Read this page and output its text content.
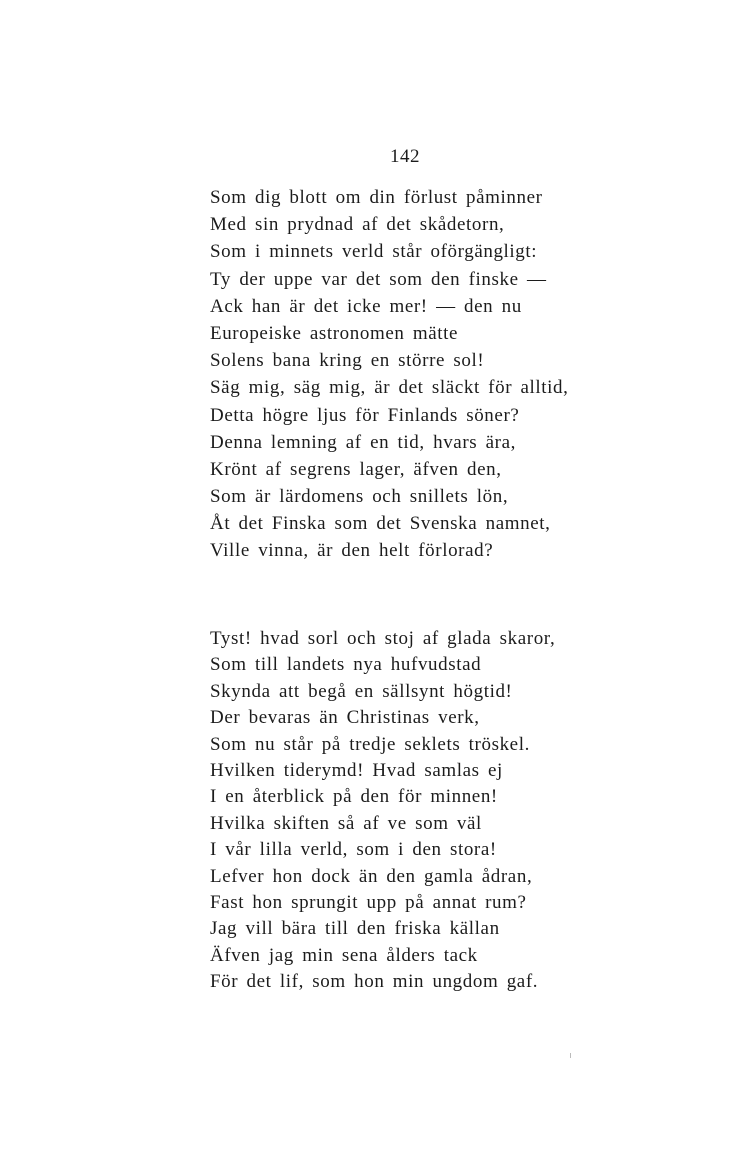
142
Som dig blott om din förlust påminner
Med sin prydnad af det skådetorn,
Som i minnets verld står oförgängligt:
Ty der uppe var det som den finske —
Ack han är det icke mer! — den nu
Europeiske astronomen mätte
Solens bana kring en större sol!
Säg mig, säg mig, är det släckt för alltid,
Detta högre ljus för Finlands söner?
Denna lemning af en tid, hvars ära,
Krönt af segrens lager, äfven den,
Som är lärdomens och snillets lön,
Åt det Finska som det Svenska namnet,
Ville vinna, är den helt förlorad?
Tyst! hvad sorl och stoj af glada skaror,
Som till landets nya hufvudstad
Skynda att begå en sällsynt högtid!
Der bevaras än Christinas verk,
Som nu står på tredje seklets tröskel.
Hvilken tiderymd! Hvad samlas ej
I en återblick på den för minnen!
Hvilka skiften så af ve som väl
I vår lilla verld, som i den stora!
Lefver hon dock än den gamla ådran,
Fast hon sprungit upp på annat rum?
Jag vill bära till den friska källan
Äfven jag min sena ålders tack
För det lif, som hon min ungdom gaf.
